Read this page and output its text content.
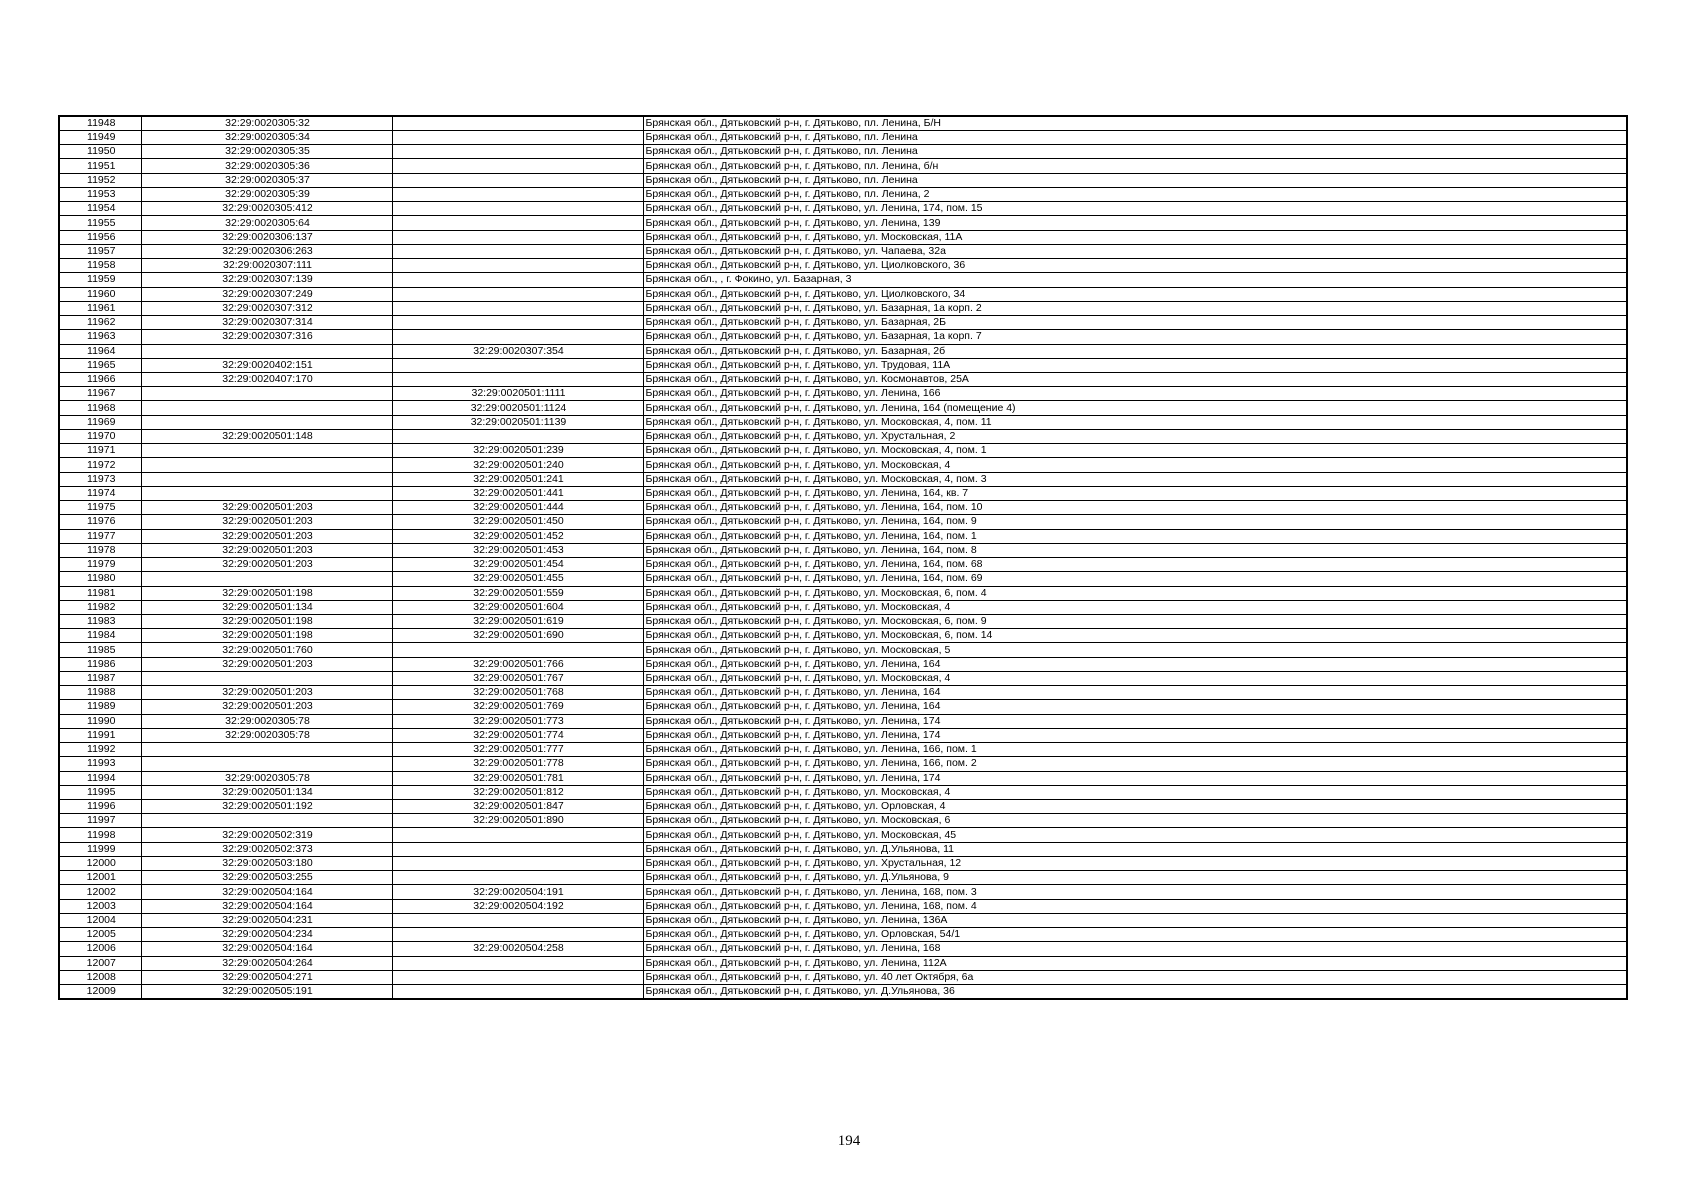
11948	32:29:0020305:32		Брянская обл., Дятьковский р-н, г. Дятьково, пл. Ленина, Б/Н
11949	32:29:0020305:34		Брянская обл., Дятьковский р-н, г. Дятьково, пл. Ленина
11950	32:29:0020305:35		Брянская обл., Дятьковский р-н, г. Дятьково, пл. Ленина
11951	32:29:0020305:36		Брянская обл., Дятьковский р-н, г. Дятьково, пл. Ленина, б/н
11952	32:29:0020305:37		Брянская обл., Дятьковский р-н, г. Дятьково, пл. Ленина
11953	32:29:0020305:39		Брянская обл., Дятьковский р-н, г. Дятьково, пл. Ленина, 2
11954	32:29:0020305:412		Брянская обл., Дятьковский р-н, г. Дятьково, ул. Ленина, 174, пом. 15
11955	32:29:0020305:64		Брянская обл., Дятьковский р-н, г. Дятьково, ул. Ленина, 139
11956	32:29:0020306:137		Брянская обл., Дятьковский р-н, г. Дятьково, ул. Московская, 11А
11957	32:29:0020306:263		Брянская обл., Дятьковский р-н, г. Дятьково, ул. Чапаева, 32а
11958	32:29:0020307:111		Брянская обл., Дятьковский р-н, г. Дятьково, ул. Циолковского, 36
11959	32:29:0020307:139		Брянская обл., , г. Фокино, ул. Базарная, 3
11960	32:29:0020307:249		Брянская обл., Дятьковский р-н, г. Дятьково, ул. Циолковского, 34
11961	32:29:0020307:312		Брянская обл., Дятьковский р-н, г. Дятьково, ул. Базарная, 1а корп. 2
11962	32:29:0020307:314		Брянская обл., Дятьковский р-н, г. Дятьково, ул. Базарная, 2Б
11963	32:29:0020307:316		Брянская обл., Дятьковский р-н, г. Дятьково, ул. Базарная, 1а корп. 7
11964		32:29:0020307:354	Брянская обл., Дятьковский р-н, г. Дятьково, ул. Базарная, 2б
11965	32:29:0020402:151		Брянская обл., Дятьковский р-н, г. Дятьково, ул. Трудовая, 11А
11966	32:29:0020407:170		Брянская обл., Дятьковский р-н, г. Дятьково, ул. Космонавтов, 25А
11967		32:29:0020501:1111	Брянская обл., Дятьковский р-н, г. Дятьково, ул. Ленина, 166
11968		32:29:0020501:1124	Брянская обл., Дятьковский р-н, г. Дятьково, ул. Ленина, 164 (помещение 4)
11969		32:29:0020501:1139	Брянская обл., Дятьковский р-н, г. Дятьково, ул. Московская, 4, пом. 11
11970	32:29:0020501:148		Брянская обл., Дятьковский р-н, г. Дятьково, ул. Хрустальная, 2
11971		32:29:0020501:239	Брянская обл., Дятьковский р-н, г. Дятьково, ул. Московская, 4, пом. 1
11972		32:29:0020501:240	Брянская обл., Дятьковский р-н, г. Дятьково, ул. Московская, 4
11973		32:29:0020501:241	Брянская обл., Дятьковский р-н, г. Дятьково, ул. Московская, 4, пом. 3
11974		32:29:0020501:441	Брянская обл., Дятьковский р-н, г. Дятьково, ул. Ленина, 164, кв. 7
11975	32:29:0020501:203	32:29:0020501:444	Брянская обл., Дятьковский р-н, г. Дятьково, ул. Ленина, 164, пом. 10
11976	32:29:0020501:203	32:29:0020501:450	Брянская обл., Дятьковский р-н, г. Дятьково, ул. Ленина, 164, пом. 9
11977	32:29:0020501:203	32:29:0020501:452	Брянская обл., Дятьковский р-н, г. Дятьково, ул. Ленина, 164, пом. 1
11978	32:29:0020501:203	32:29:0020501:453	Брянская обл., Дятьковский р-н, г. Дятьково, ул. Ленина, 164, пом. 8
11979	32:29:0020501:203	32:29:0020501:454	Брянская обл., Дятьковский р-н, г. Дятьково, ул. Ленина, 164, пом. 68
11980		32:29:0020501:455	Брянская обл., Дятьковский р-н, г. Дятьково, ул. Ленина, 164, пом. 69
11981	32:29:0020501:198	32:29:0020501:559	Брянская обл., Дятьковский р-н, г. Дятьково, ул. Московская, 6, пом. 4
11982	32:29:0020501:134	32:29:0020501:604	Брянская обл., Дятьковский р-н, г. Дятьково, ул. Московская, 4
11983	32:29:0020501:198	32:29:0020501:619	Брянская обл., Дятьковский р-н, г. Дятьково, ул. Московская, 6, пом. 9
11984	32:29:0020501:198	32:29:0020501:690	Брянская обл., Дятьковский р-н, г. Дятьково, ул. Московская, 6, пом. 14
11985	32:29:0020501:760		Брянская обл., Дятьковский р-н, г. Дятьково, ул. Московская, 5
11986	32:29:0020501:203	32:29:0020501:766	Брянская обл., Дятьковский р-н, г. Дятьково, ул. Ленина, 164
11987		32:29:0020501:767	Брянская обл., Дятьковский р-н, г. Дятьково, ул. Московская, 4
11988	32:29:0020501:203	32:29:0020501:768	Брянская обл., Дятьковский р-н, г. Дятьково, ул. Ленина, 164
11989	32:29:0020501:203	32:29:0020501:769	Брянская обл., Дятьковский р-н, г. Дятьково, ул. Ленина, 164
11990	32:29:0020305:78	32:29:0020501:773	Брянская обл., Дятьковский р-н, г. Дятьково, ул. Ленина, 174
11991	32:29:0020305:78	32:29:0020501:774	Брянская обл., Дятьковский р-н, г. Дятьково, ул. Ленина, 174
11992		32:29:0020501:777	Брянская обл., Дятьковский р-н, г. Дятьково, ул. Ленина, 166, пом. 1
11993		32:29:0020501:778	Брянская обл., Дятьковский р-н, г. Дятьково, ул. Ленина, 166, пом. 2
11994	32:29:0020305:78	32:29:0020501:781	Брянская обл., Дятьковский р-н, г. Дятьково, ул. Ленина, 174
11995	32:29:0020501:134	32:29:0020501:812	Брянская обл., Дятьковский р-н, г. Дятьково, ул. Московская, 4
11996	32:29:0020501:192	32:29:0020501:847	Брянская обл., Дятьковский р-н, г. Дятьково, ул. Орловская, 4
11997		32:29:0020501:890	Брянская обл., Дятьковский р-н, г. Дятьково, ул. Московская, 6
11998	32:29:0020502:319		Брянская обл., Дятьковский р-н, г. Дятьково, ул. Московская, 45
11999	32:29:0020502:373		Брянская обл., Дятьковский р-н, г. Дятьково, ул. Д.Ульянова, 11
12000	32:29:0020503:180		Брянская обл., Дятьковский р-н, г. Дятьково, ул. Хрустальная, 12
12001	32:29:0020503:255		Брянская обл., Дятьковский р-н, г. Дятьково, ул. Д.Ульянова, 9
12002	32:29:0020504:164	32:29:0020504:191	Брянская обл., Дятьковский р-н, г. Дятьково, ул. Ленина, 168, пом. 3
12003	32:29:0020504:164	32:29:0020504:192	Брянская обл., Дятьковский р-н, г. Дятьково, ул. Ленина, 168, пом. 4
12004	32:29:0020504:231		Брянская обл., Дятьковский р-н, г. Дятьково, ул. Ленина, 136А
12005	32:29:0020504:234		Брянская обл., Дятьковский р-н, г. Дятьково, ул. Орловская, 54/1
12006	32:29:0020504:164	32:29:0020504:258	Брянская обл., Дятьковский р-н, г. Дятьково, ул. Ленина, 168
12007	32:29:0020504:264		Брянская обл., Дятьковский р-н, г. Дятьково, ул. Ленина, 112А
12008	32:29:0020504:271		Брянская обл., Дятьковский р-н, г. Дятьково, ул. 40 лет Октября, 6а
12009	32:29:0020505:191		Брянская обл., Дятьковский р-н, г. Дятьково, ул. Д.Ульянова, 36
194
